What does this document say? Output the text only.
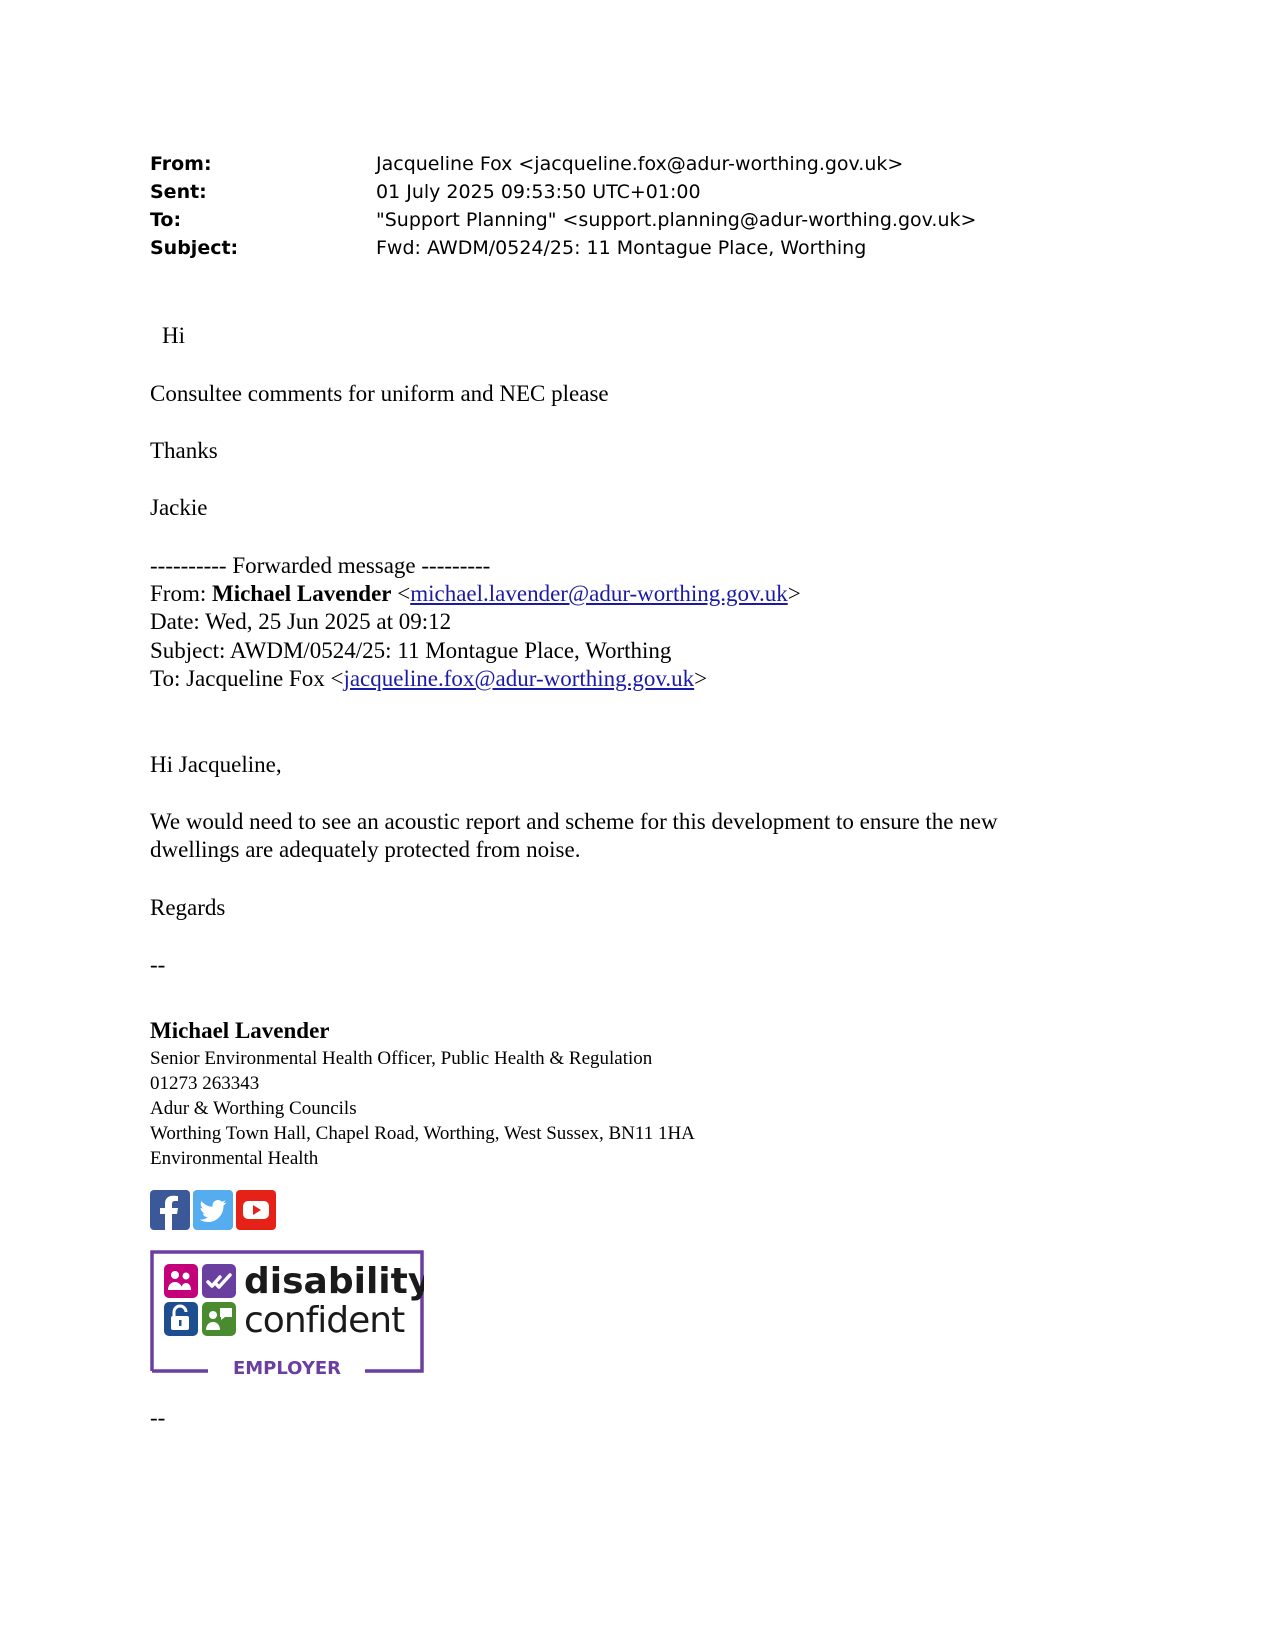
From:	Jacqueline Fox <jacqueline.fox@adur-worthing.gov.uk>
Sent:	01 July 2025 09:53:50 UTC+01:00
To:	"Support Planning" <support.planning@adur-worthing.gov.uk>
Subject:	Fwd: AWDM/0524/25: 11 Montague Place, Worthing
Hi
Consultee comments for uniform and NEC please
Thanks
Jackie
---------- Forwarded message ---------
From: Michael Lavender <michael.lavender@adur-worthing.gov.uk>
Date: Wed, 25 Jun 2025 at 09:12
Subject: AWDM/0524/25: 11 Montague Place, Worthing
To: Jacqueline Fox <jacqueline.fox@adur-worthing.gov.uk>
Hi Jacqueline,
We would need to see an acoustic report and scheme for this development to ensure the new
dwellings are adequately protected from noise.
Regards
--
Michael Lavender
Senior Environmental Health Officer, Public Health & Regulation
01273 263343
Adur & Worthing Councils
Worthing Town Hall, Chapel Road, Worthing, West Sussex, BN11 1HA
Environmental Health
disability
confident
EMPLOYER
--
